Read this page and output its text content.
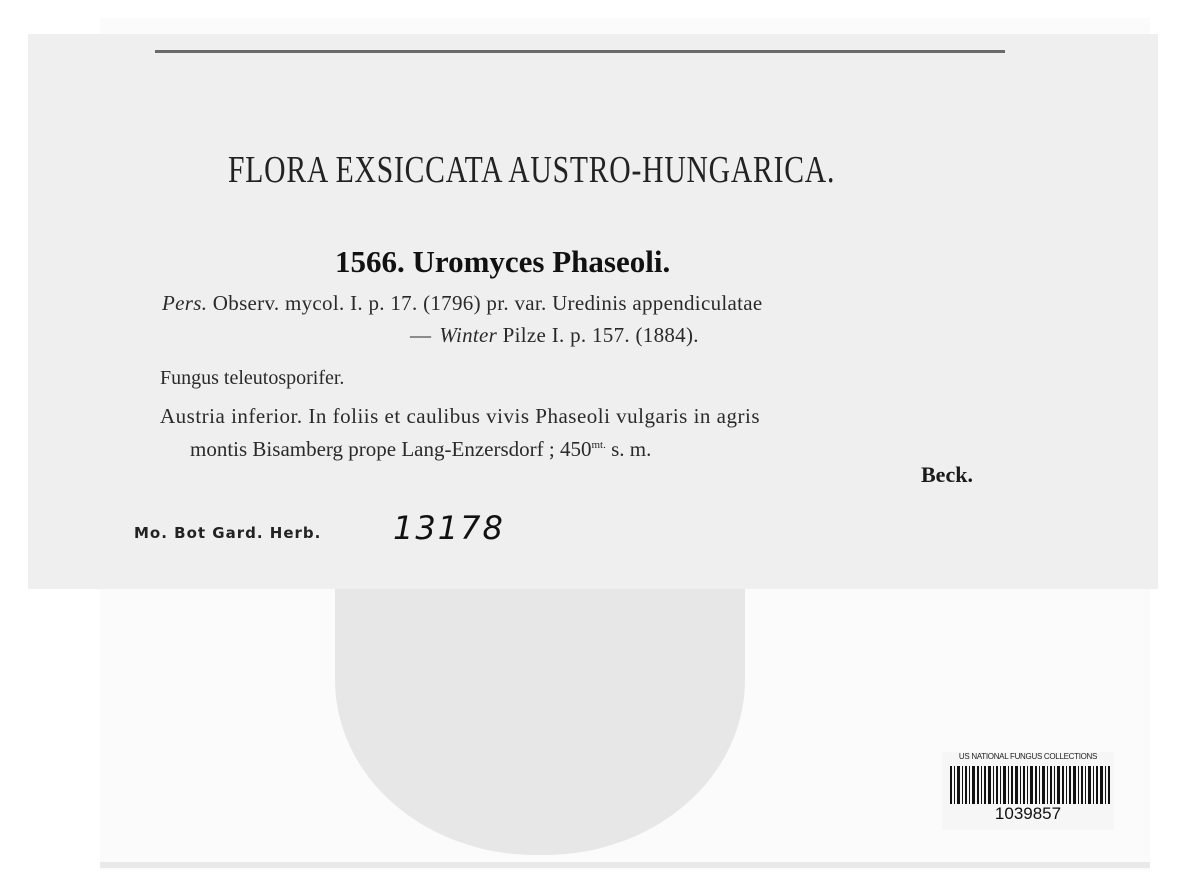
FLORA EXSICCATA AUSTRO-HUNGARICA.
1566. Uromyces Phaseoli.
Pers. Observ. mycol. I. p. 17. (1796) pr. var. Uredinis appendiculatae
— Winter Pilze I. p. 157. (1884).
Fungus teleutosporifer.
Austria inferior. In foliis et caulibus vivis Phaseoli vulgaris in agris
montis Bisamberg prope Lang-Enzersdorf ; $450^{mt.}$ s. m.
Beck.
Mo. Bot Gard. Herb. 13178
US NATIONAL FUNGUS COLLECTIONS
1039857
